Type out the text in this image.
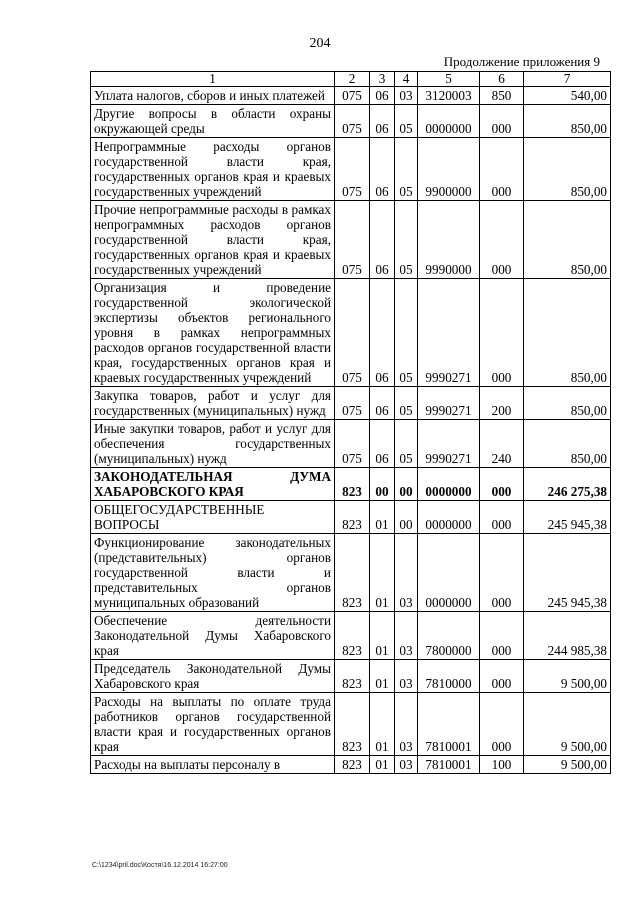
204
Продолжение приложения 9
1	2	3	4	5	6	7
Уплата налогов, сборов и иных платежей	075	06	03	3120003	850	540,00
Другие вопросы в области охраны окружающей среды	075	06	05	0000000	000	850,00
Непрограммные расходы органов государственной власти края, государственных органов края и краевых государственных учреждений	075	06	05	9900000	000	850,00
Прочие непрограммные расходы в рамках непрограммных расходов органов государственной власти края, государственных органов края и краевых государственных учреждений	075	06	05	9990000	000	850,00
Организация и проведение государственной экологической экспертизы объектов регионального уровня в рамках непрограммных расходов органов государственной власти края, государственных органов края и краевых государственных учреждений	075	06	05	9990271	000	850,00
Закупка товаров, работ и услуг для государственных (муниципальных) нужд	075	06	05	9990271	200	850,00
Иные закупки товаров, работ и услуг для обеспечения государственных (муниципальных) нужд	075	06	05	9990271	240	850,00
ЗАКОНОДАТЕЛЬНАЯ ДУМА ХАБАРОВСКОГО КРАЯ	823	00	00	0000000	000	246 275,38
ОБЩЕГОСУДАРСТВЕННЫЕ ВОПРОСЫ	823	01	00	0000000	000	245 945,38
Функционирование законодательных (представительных) органов государственной власти и представительных органов муниципальных образований	823	01	03	0000000	000	245 945,38
Обеспечение деятельности Законодательной Думы Хабаровского края	823	01	03	7800000	000	244 985,38
Председатель Законодательной Думы Хабаровского края	823	01	03	7810000	000	9 500,00
Расходы на выплаты по оплате труда работников органов государственной власти края и государственных органов края	823	01	03	7810001	000	9 500,00
Расходы на выплаты персоналу в	823	01	03	7810001	100	9 500,00
C:\1234\pril.doc\Костя\16.12.2014 16:27:00
